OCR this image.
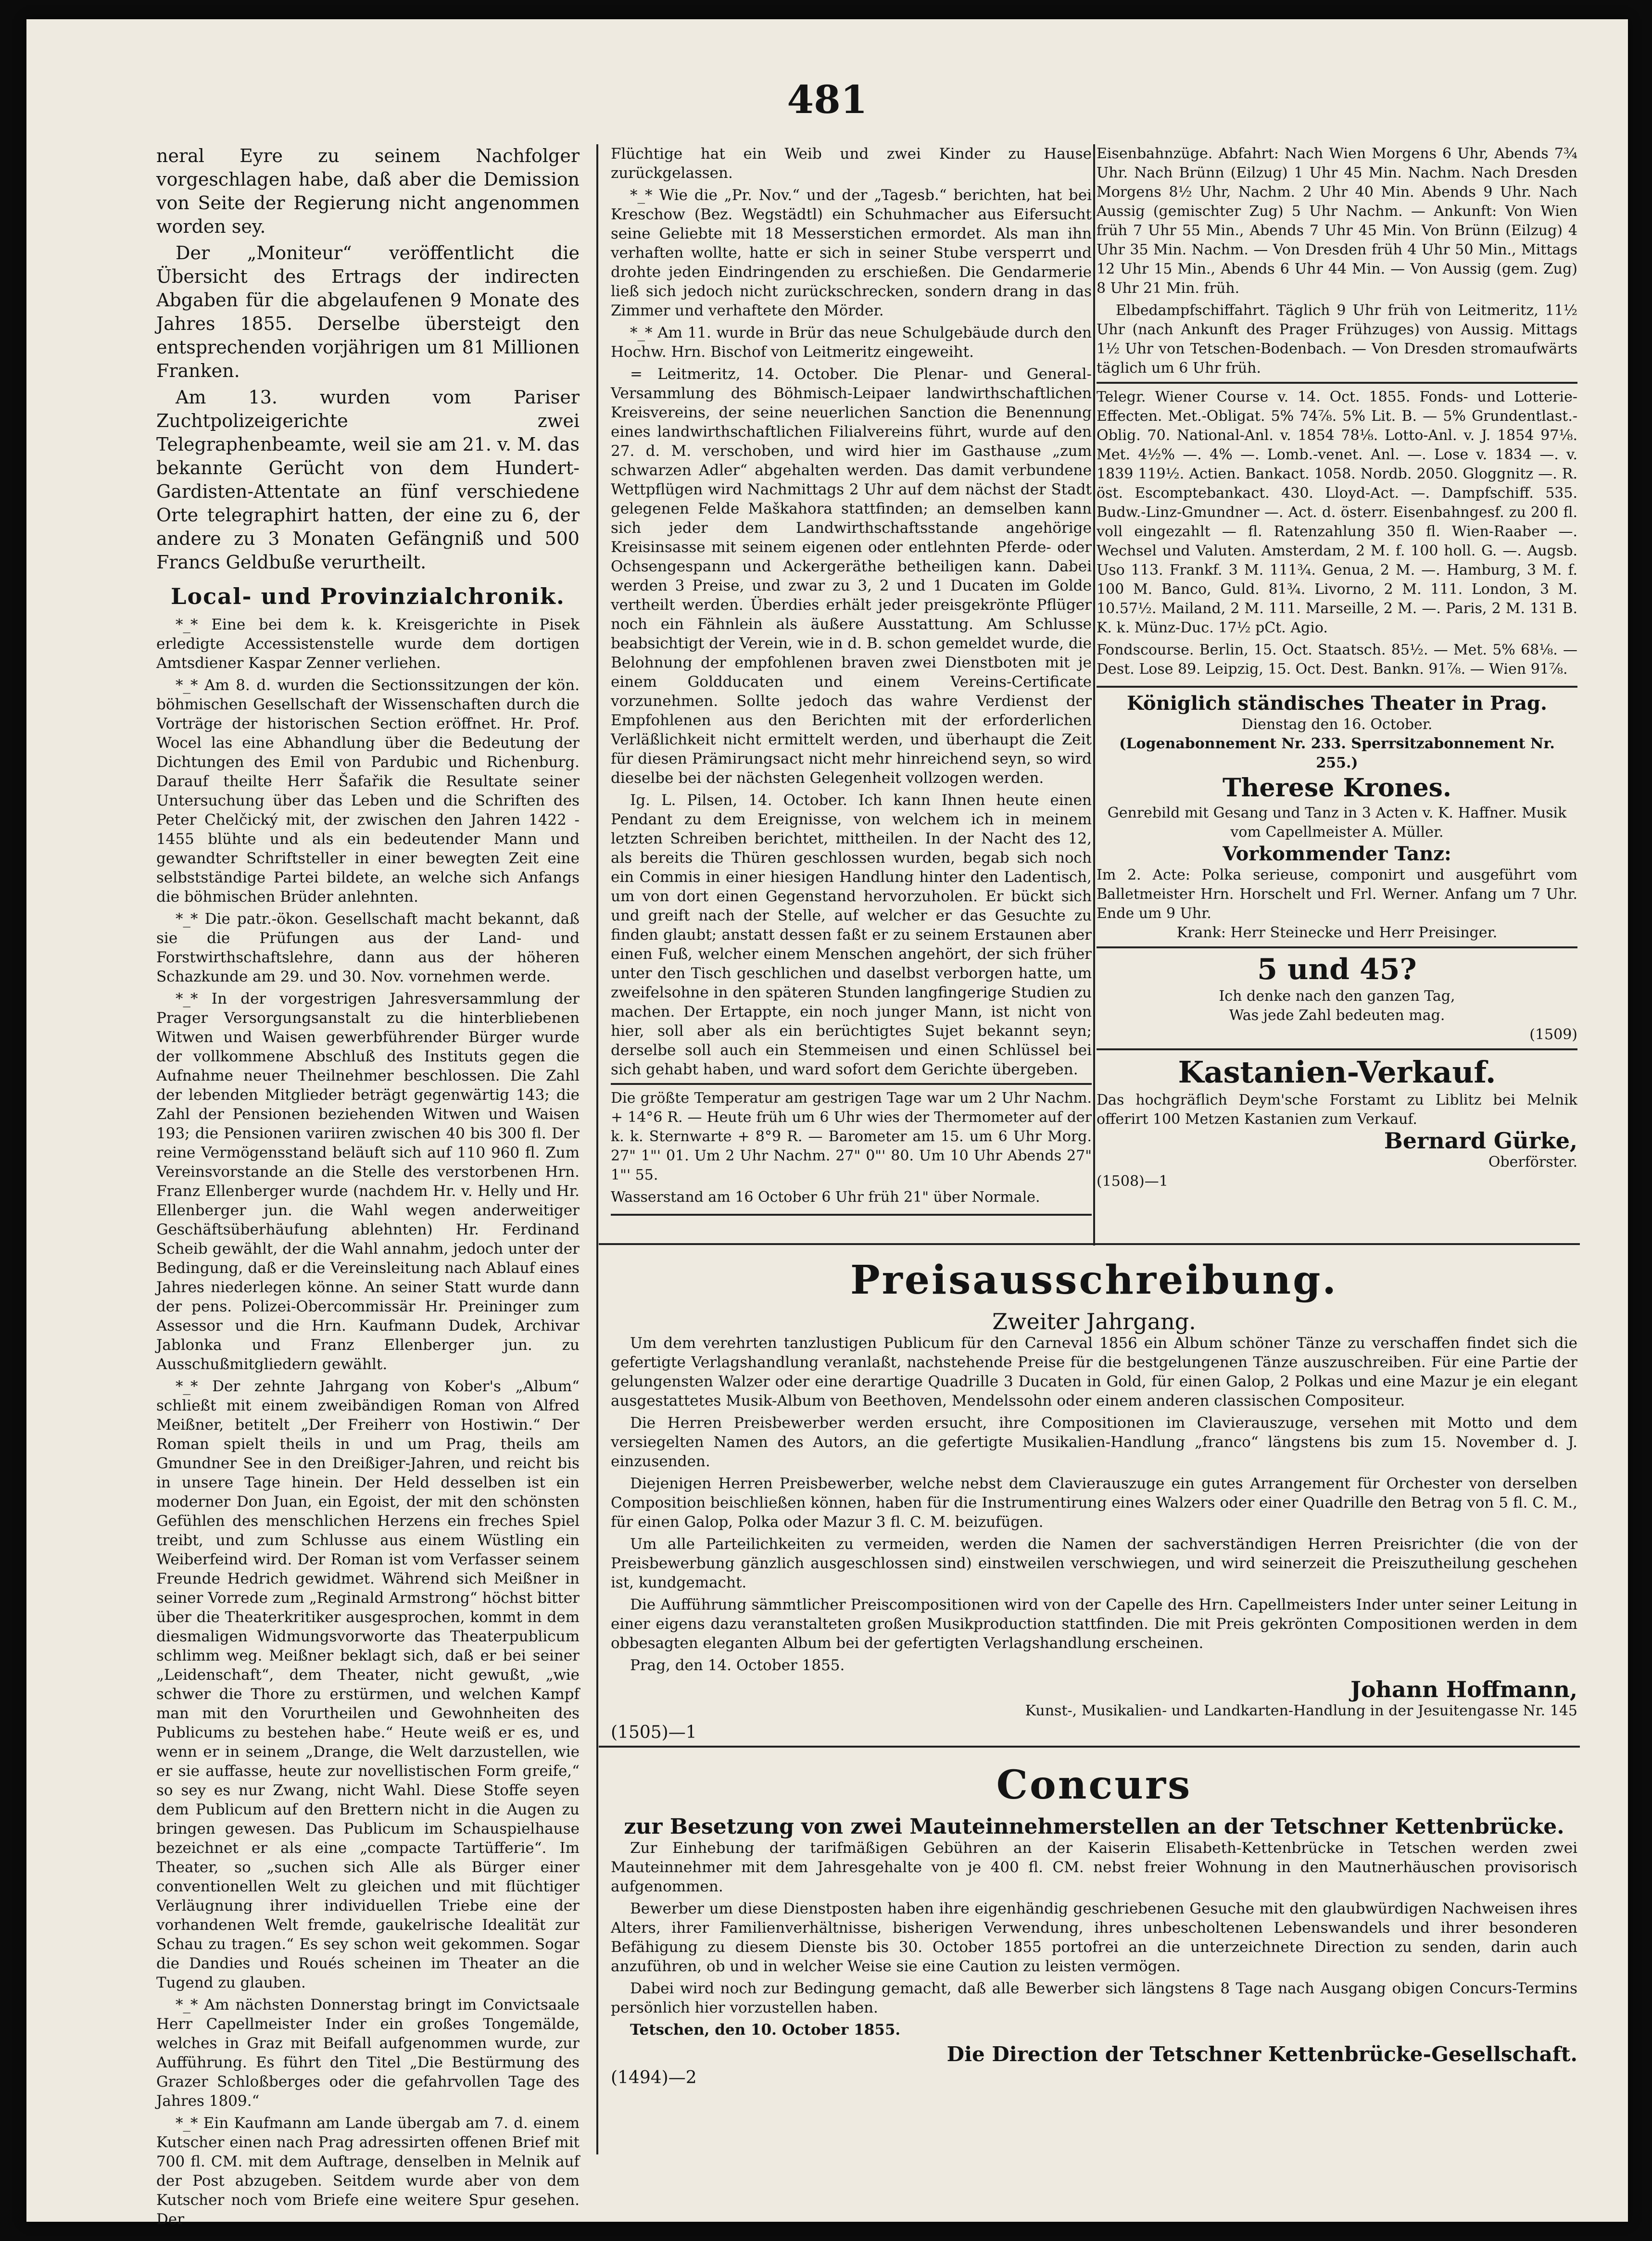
481

neral Eyre zu seinem Nachfolger vorgeschlagen habe, daß aber die Demission von Seite der Regierung nicht angenommen worden sey.

Der „Moniteur“ veröffentlicht die Übersicht des Ertrags der indirecten Abgaben für die abgelaufenen 9 Monate des Jahres 1855. Derselbe übersteigt den entsprechenden vorjährigen um 81 Millionen Franken.

Am 13. wurden vom Pariser Zuchtpolizeigerichte zwei Telegraphenbeamte, weil sie am 21. v. M. das bekannte Gerücht von dem Hundert-Gardisten-Attentate an fünf verschiedene Orte telegraphirt hatten, der eine zu 6, der andere zu 3 Monaten Gefängniß und 500 Francs Geldbuße verurtheilt.

Local- und Provinzialchronik.

*_* Eine bei dem k. k. Kreisgerichte in Pisek erledigte Accessistenstelle wurde dem dortigen Amtsdiener Kaspar Zenner verliehen.

*_* Am 8. d. wurden die Sectionssitzungen der kön. böhmischen Gesellschaft der Wissenschaften durch die Vorträge der historischen Section eröffnet. Hr. Prof. Wocel las eine Abhandlung über die Bedeutung der Dichtungen des Emil von Pardubic und Richenburg. Darauf theilte Herr Šafařik die Resultate seiner Untersuchung über das Leben und die Schriften des Peter Chelčický mit, der zwischen den Jahren 1422 - 1455 blühte und als ein bedeutender Mann und gewandter Schriftsteller in einer bewegten Zeit eine selbstständige Partei bildete, an welche sich Anfangs die böhmischen Brüder anlehnten.

*_* Die patr.-ökon. Gesellschaft macht bekannt, daß sie die Prüfungen aus der Land- und Forstwirthschaftslehre, dann aus der höheren Schazkunde am 29. und 30. Nov. vornehmen werde.

*_* In der vorgestrigen Jahresversammlung der Prager Versorgungsanstalt zu die hinterbliebenen Witwen und Waisen gewerbführender Bürger wurde der vollkommene Abschluß des Instituts gegen die Aufnahme neuer Theilnehmer beschlossen. Die Zahl der lebenden Mitglieder beträgt gegenwärtig 143; die Zahl der Pensionen beziehenden Witwen und Waisen 193; die Pensionen variiren zwischen 40 bis 300 fl. Der reine Vermögensstand beläuft sich auf 110 960 fl. Zum Vereinsvorstande an die Stelle des verstorbenen Hrn. Franz Ellenberger wurde (nachdem Hr. v. Helly und Hr. Ellenberger jun. die Wahl wegen anderweitiger Geschäftsüberhäufung ablehnten) Hr. Ferdinand Scheib gewählt, der die Wahl annahm, jedoch unter der Bedingung, daß er die Vereinsleitung nach Ablauf eines Jahres niederlegen könne. An seiner Statt wurde dann der pens. Polizei-Obercommissär Hr. Preininger zum Assessor und die Hrn. Kaufmann Dudek, Archivar Jablonka und Franz Ellenberger jun. zu Ausschußmitgliedern gewählt.

*_* Der zehnte Jahrgang von Kober's „Album“ schließt mit einem zweibändigen Roman von Alfred Meißner, betitelt „Der Freiherr von Hostiwin.“ Der Roman spielt theils in und um Prag, theils am Gmundner See in den Dreißiger-Jahren, und reicht bis in unsere Tage hinein. Der Held desselben ist ein moderner Don Juan, ein Egoist, der mit den schönsten Gefühlen des menschlichen Herzens ein freches Spiel treibt, und zum Schlusse aus einem Wüstling ein Weiberfeind wird. Der Roman ist vom Verfasser seinem Freunde Hedrich gewidmet. Während sich Meißner in seiner Vorrede zum „Reginald Armstrong“ höchst bitter über die Theaterkritiker ausgesprochen, kommt in dem diesmaligen Widmungsvorworte das Theaterpublicum schlimm weg. Meißner beklagt sich, daß er bei seiner „Leidenschaft“, dem Theater, nicht gewußt, „wie schwer die Thore zu erstürmen, und welchen Kampf man mit den Vorurtheilen und Gewohnheiten des Publicums zu bestehen habe.“ Heute weiß er es, und wenn er in seinem „Drange, die Welt darzustellen, wie er sie auffasse, heute zur novellistischen Form greife,“ so sey es nur Zwang, nicht Wahl. Diese Stoffe seyen dem Publicum auf den Brettern nicht in die Augen zu bringen gewesen. Das Publicum im Schauspielhause bezeichnet er als eine „compacte Tartüfferie“. Im Theater, so „suchen sich Alle als Bürger einer conventionellen Welt zu gleichen und mit flüchtiger Verläugnung ihrer individuellen Triebe eine der vorhandenen Welt fremde, gaukelrische Idealität zur Schau zu tragen.“ Es sey schon weit gekommen. Sogar die Dandies und Roués scheinen im Theater an die Tugend zu glauben.

*_* Am nächsten Donnerstag bringt im Convictsaale Herr Capellmeister Inder ein großes Tongemälde, welches in Graz mit Beifall aufgenommen wurde, zur Aufführung. Es führt den Titel „Die Bestürmung des Grazer Schloßberges oder die gefahrvollen Tage des Jahres 1809.“

*_* Ein Kaufmann am Lande übergab am 7. d. einem Kutscher einen nach Prag adressirten offenen Brief mit 700 fl. CM. mit dem Auftrage, denselben in Melnik auf der Post abzugeben. Seitdem wurde aber von dem Kutscher noch vom Briefe eine weitere Spur gesehen. Der

Flüchtige hat ein Weib und zwei Kinder zu Hause zurückgelassen.

*_* Wie die „Pr. Nov.“ und der „Tagesb.“ berichten, hat bei Kreschow (Bez. Wegstädtl) ein Schuhmacher aus Eifersucht seine Geliebte mit 18 Messerstichen ermordet. Als man ihn verhaften wollte, hatte er sich in seiner Stube versperrt und drohte jeden Eindringenden zu erschießen. Die Gendarmerie ließ sich jedoch nicht zurückschrecken, sondern drang in das Zimmer und verhaftete den Mörder.

*_* Am 11. wurde in Brür das neue Schulgebäude durch den Hochw. Hrn. Bischof von Leitmeritz eingeweiht.

= Leitmeritz, 14. October. Die Plenar- und General-Versammlung des Böhmisch-Leipaer landwirthschaftlichen Kreisvereins, der seine neuerlichen Sanction die Benennung eines landwirthschaftlichen Filialvereins führt, wurde auf den 27. d. M. verschoben, und wird hier im Gasthause „zum schwarzen Adler“ abgehalten werden. Das damit verbundene Wettpflügen wird Nachmittags 2 Uhr auf dem nächst der Stadt gelegenen Felde Maškahora stattfinden; an demselben kann sich jeder dem Landwirthschaftsstande angehörige Kreisinsasse mit seinem eigenen oder entlehnten Pferde- oder Ochsengespann und Ackergeräthe betheiligen kann. Dabei werden 3 Preise, und zwar zu 3, 2 und 1 Ducaten im Golde vertheilt werden. Überdies erhält jeder preisgekrönte Pflüger noch ein Fähnlein als äußere Ausstattung. Am Schlusse beabsichtigt der Verein, wie in d. B. schon gemeldet wurde, die Belohnung der empfohlenen braven zwei Dienstboten mit je einem Goldducaten und einem Vereins-Certificate vorzunehmen. Sollte jedoch das wahre Verdienst der Empfohlenen aus den Berichten mit der erforderlichen Verläßlichkeit nicht ermittelt werden, und überhaupt die Zeit für diesen Prämirungsact nicht mehr hinreichend seyn, so wird dieselbe bei der nächsten Gelegenheit vollzogen werden.

Ig. L. Pilsen, 14. October. Ich kann Ihnen heute einen Pendant zu dem Ereignisse, von welchem ich in meinem letzten Schreiben berichtet, mittheilen. In der Nacht des 12, als bereits die Thüren geschlossen wurden, begab sich noch ein Commis in einer hiesigen Handlung hinter den Ladentisch, um von dort einen Gegenstand hervorzuholen. Er bückt sich und greift nach der Stelle, auf welcher er das Gesuchte zu finden glaubt; anstatt dessen faßt er zu seinem Erstaunen aber einen Fuß, welcher einem Menschen angehört, der sich früher unter den Tisch geschlichen und daselbst verborgen hatte, um zweifelsohne in den späteren Stunden langfingerige Studien zu machen. Der Ertappte, ein noch junger Mann, ist nicht von hier, soll aber als ein berüchtigtes Sujet bekannt seyn; derselbe soll auch ein Stemmeisen und einen Schlüssel bei sich gehabt haben, und ward sofort dem Gerichte übergeben.

Die größte Temperatur am gestrigen Tage war um 2 Uhr Nachm. + 14°6 R. — Heute früh um 6 Uhr wies der Thermometer auf der k. k. Sternwarte + 8°9 R. — Barometer am 15. um 6 Uhr Morg. 27" 1"' 01. Um 2 Uhr Nachm. 27" 0"' 80. Um 10 Uhr Abends 27" 1"' 55.

Wasserstand am 16 October 6 Uhr früh 21" über Normale.

Eisenbahnzüge. Abfahrt: Nach Wien Morgens 6 Uhr, Abends 7¾ Uhr. Nach Brünn (Eilzug) 1 Uhr 45 Min. Nachm. Nach Dresden Morgens 8½ Uhr, Nachm. 2 Uhr 40 Min. Abends 9 Uhr. Nach Aussig (gemischter Zug) 5 Uhr Nachm. — Ankunft: Von Wien früh 7 Uhr 55 Min., Abends 7 Uhr 45 Min. Von Brünn (Eilzug) 4 Uhr 35 Min. Nachm. — Von Dresden früh 4 Uhr 50 Min., Mittags 12 Uhr 15 Min., Abends 6 Uhr 44 Min. — Von Aussig (gem. Zug) 8 Uhr 21 Min. früh.

Elbedampfschiffahrt. Täglich 9 Uhr früh von Leitmeritz, 11½ Uhr (nach Ankunft des Prager Frühzuges) von Aussig. Mittags 1½ Uhr von Tetschen-Bodenbach. — Von Dresden stromaufwärts täglich um 6 Uhr früh.

Telegr. Wiener Course v. 14. Oct. 1855. Fonds- und Lotterie-Effecten. Met.-Obligat. 5% 74⅞. 5% Lit. B. — 5% Grundentlast.-Oblig. 70. National-Anl. v. 1854 78⅛. Lotto-Anl. v. J. 1854 97⅛. Met. 4½% —. 4% —. Lomb.-venet. Anl. —. Lose v. 1834 —. v. 1839 119½. Actien. Bankact. 1058. Nordb. 2050. Gloggnitz —. R. öst. Escomptebankact. 430. Lloyd-Act. —. Dampfschiff. 535. Budw.-Linz-Gmundner —. Act. d. österr. Eisenbahngesf. zu 200 fl. voll eingezahlt — fl. Ratenzahlung 350 fl. Wien-Raaber —. Wechsel und Valuten. Amsterdam, 2 M. f. 100 holl. G. —. Augsb. Uso 113. Frankf. 3 M. 111¾. Genua, 2 M. —. Hamburg, 3 M. f. 100 M. Banco, Guld. 81¾. Livorno, 2 M. 111. London, 3 M. 10.57½. Mailand, 2 M. 111. Marseille, 2 M. —. Paris, 2 M. 131 B. K. k. Münz-Duc. 17½ pCt. Agio.

Fondscourse. Berlin, 15. Oct. Staatsch. 85½. — Met. 5% 68⅛. — Dest. Lose 89. Leipzig, 15. Oct. Dest. Bankn. 91⅞. — Wien 91⅞.

Königlich ständisches Theater in Prag.
Dienstag den 16. October.
(Logenabonnement Nr. 233. Sperrsitzabonnement Nr. 255.)
Therese Krones.
Genrebild mit Gesang und Tanz in 3 Acten v. K. Haffner. Musik vom Capellmeister A. Müller.
Vorkommender Tanz:
Im 2. Acte: Polka serieuse, componirt und ausgeführt vom Balletmeister Hrn. Horschelt und Frl. Werner. Anfang um 7 Uhr. Ende um 9 Uhr.
Krank: Herr Steinecke und Herr Preisinger.
5 und 45?
Ich denke nach den ganzen Tag,
Was jede Zahl bedeuten mag.
(1509)
Kastanien-Verkauf.
Das hochgräflich Deym'sche Forstamt zu Liblitz bei Melnik offerirt 100 Metzen Kastanien zum Verkauf.
Bernard Gürke,
Oberförster.
(1508)—1
Preisausschreibung.
Zweiter Jahrgang.

Um dem verehrten tanzlustigen Publicum für den Carneval 1856 ein Album schöner Tänze zu verschaffen findet sich die gefertigte Verlagshandlung veranlaßt, nachstehende Preise für die bestgelungenen Tänze auszuschreiben. Für eine Partie der gelungensten Walzer oder eine derartige Quadrille 3 Ducaten in Gold, für einen Galop, 2 Polkas und eine Mazur je ein elegant ausgestattetes Musik-Album von Beethoven, Mendelssohn oder einem anderen classischen Compositeur.

Die Herren Preisbewerber werden ersucht, ihre Compositionen im Clavierauszuge, versehen mit Motto und dem versiegelten Namen des Autors, an die gefertigte Musikalien-Handlung „franco“ längstens bis zum 15. November d. J. einzusenden.

Diejenigen Herren Preisbewerber, welche nebst dem Clavierauszuge ein gutes Arrangement für Orchester von derselben Composition beischließen können, haben für die Instrumentirung eines Walzers oder einer Quadrille den Betrag von 5 fl. C. M., für einen Galop, Polka oder Mazur 3 fl. C. M. beizufügen.

Um alle Parteilichkeiten zu vermeiden, werden die Namen der sachverständigen Herren Preisrichter (die von der Preisbewerbung gänzlich ausgeschlossen sind) einstweilen verschwiegen, und wird seinerzeit die Preiszutheilung geschehen ist, kundgemacht.

Die Aufführung sämmtlicher Preiscompositionen wird von der Capelle des Hrn. Capellmeisters Inder unter seiner Leitung in einer eigens dazu veranstalteten großen Musikproduction stattfinden. Die mit Preis gekrönten Compositionen werden in dem obbesagten eleganten Album bei der gefertigten Verlagshandlung erscheinen.

Prag, den 14. October 1855.

Johann Hoffmann,
Kunst-, Musikalien- und Landkarten-Handlung in der Jesuitengasse Nr. 145
(1505)—1
Concurs
zur Besetzung von zwei Mauteinnehmerstellen an der Tetschner Kettenbrücke.

Zur Einhebung der tarifmäßigen Gebühren an der Kaiserin Elisabeth-Kettenbrücke in Tetschen werden zwei Mauteinnehmer mit dem Jahresgehalte von je 400 fl. CM. nebst freier Wohnung in den Mautnerhäuschen provisorisch aufgenommen.

Bewerber um diese Dienstposten haben ihre eigenhändig geschriebenen Gesuche mit den glaubwürdigen Nachweisen ihres Alters, ihrer Familienverhältnisse, bisherigen Verwendung, ihres unbescholtenen Lebenswandels und ihrer besonderen Befähigung zu diesem Dienste bis 30. October 1855 portofrei an die unterzeichnete Direction zu senden, darin auch anzuführen, ob und in welcher Weise sie eine Caution zu leisten vermögen.

Dabei wird noch zur Bedingung gemacht, daß alle Bewerber sich längstens 8 Tage nach Ausgang obigen Concurs-Termins persönlich hier vorzustellen haben.

Tetschen, den 10. October 1855.

Die Direction der Tetschner Kettenbrücke-Gesellschaft.
(1494)—2
